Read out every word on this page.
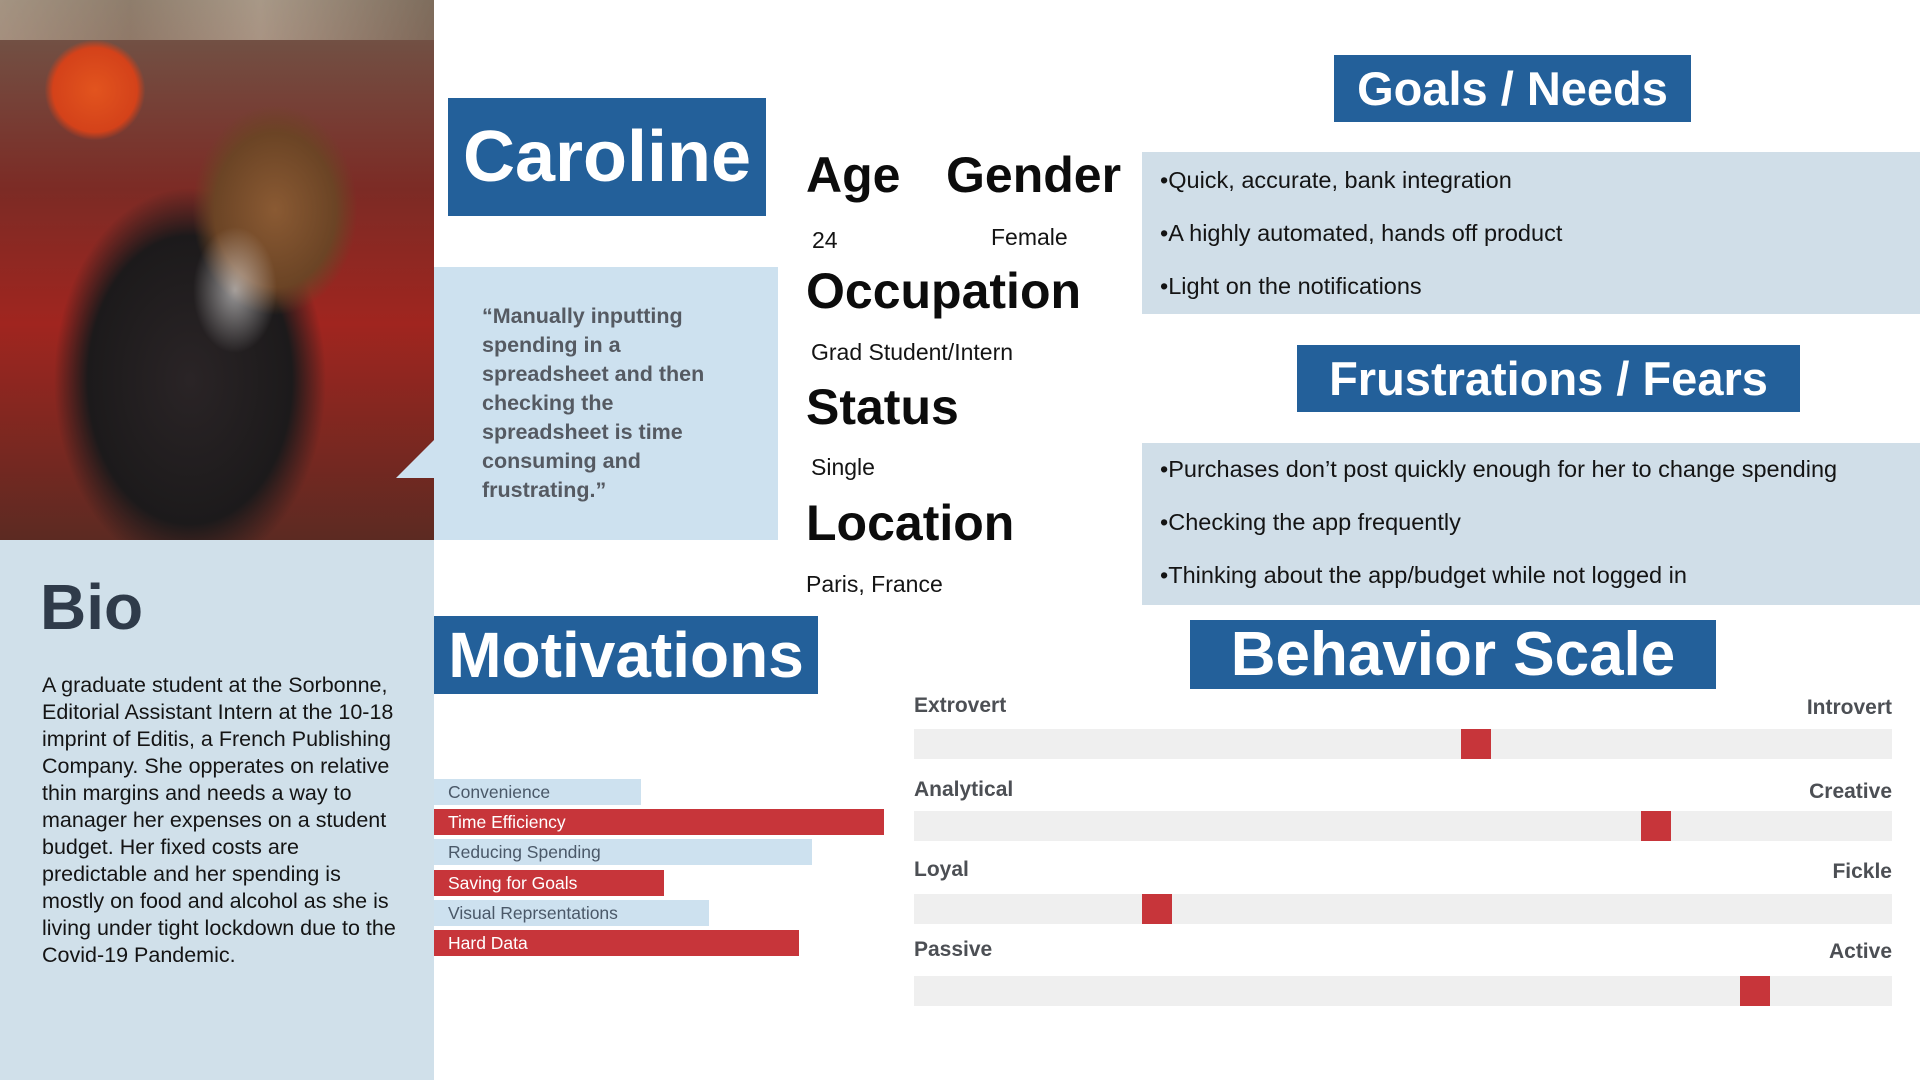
“Manually inputting spending in a spreadsheet and then checking the spreadsheet is time consuming and frustrating.”
Caroline
Bio
A graduate student at the Sorbonne, Editorial Assistant Intern at the 10-18 imprint of Editis, a French Publishing Company. She opperates on relative thin margins and needs a way to manager her expenses on a student budget. Her fixed costs are predictable and her spending is mostly on food and alcohol as she is living under tight lockdown due to the Covid-19 Pandemic.
Age Gender
24	Female
Occupation
Grad Student/Intern
Status
Single
Location
Paris, France
Goals / Needs
•Quick, accurate, bank integration
•A highly automated, hands off product
•Light on the notifications
Frustrations / Fears
•Purchases don’t post quickly enough for her to change spending
•Checking the app frequently
•Thinking about the app/budget while not logged in
Motivations
Convenience
Time Efficiency
Reducing Spending
Saving for Goals
Visual Reprsentations
Hard Data
Behavior Scale
Extrovert	Introvert
Analytical	Creative
Loyal	Fickle
Passive	Active
